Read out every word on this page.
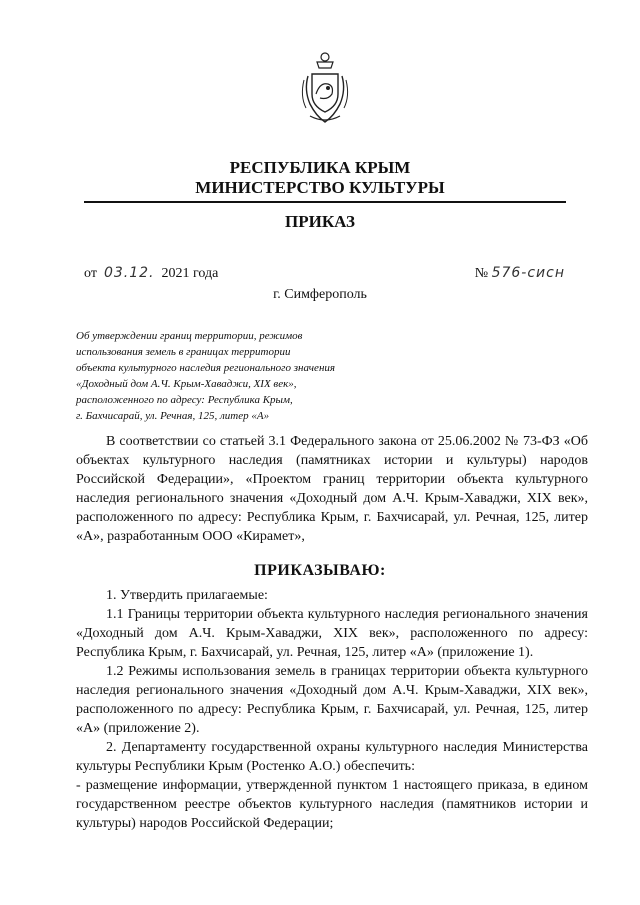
РЕСПУБЛИКА КРЫМ
МИНИСТЕРСТВО КУЛЬТУРЫ
ПРИКАЗ
от 03.12. 2021 года	№ 576-сисн
г. Симферополь
Об утверждении границ территории, режимов
использования земель в границах территории
объекта культурного наследия регионального значения
«Доходный дом А.Ч. Крым-Хаваджи, XIX век»,
расположенного по адресу: Республика Крым,
г. Бахчисарай, ул. Речная, 125, литер «А»
В соответствии со статьей 3.1 Федерального закона от 25.06.2002 № 73-ФЗ «Об объектах культурного наследия (памятниках истории и культуры) народов Российской Федерации», «Проектом границ территории объекта культурного наследия регионального значения «Доходный дом А.Ч. Крым-Хаваджи, XIX век», расположенного по адресу: Республика Крым, г. Бахчисарай, ул. Речная, 125, литер «А», разработанным ООО «Кирамет»,
ПРИКАЗЫВАЮ:
1. Утвердить прилагаемые:
1.1 Границы территории объекта культурного наследия регионального значения «Доходный дом А.Ч. Крым-Хаваджи, XIX век», расположенного по адресу: Республика Крым, г. Бахчисарай, ул. Речная, 125, литер «А» (приложение 1).
1.2 Режимы использования земель в границах территории объекта культурного наследия регионального значения «Доходный дом А.Ч. Крым-Хаваджи, XIX век», расположенного по адресу: Республика Крым, г. Бахчисарай, ул. Речная, 125, литер «А» (приложение 2).
2. Департаменту государственной охраны культурного наследия Министерства культуры Республики Крым (Ростенко А.О.) обеспечить:
- размещение информации, утвержденной пунктом 1 настоящего приказа, в едином государственном реестре объектов культурного наследия (памятников истории и культуры) народов Российской Федерации;
